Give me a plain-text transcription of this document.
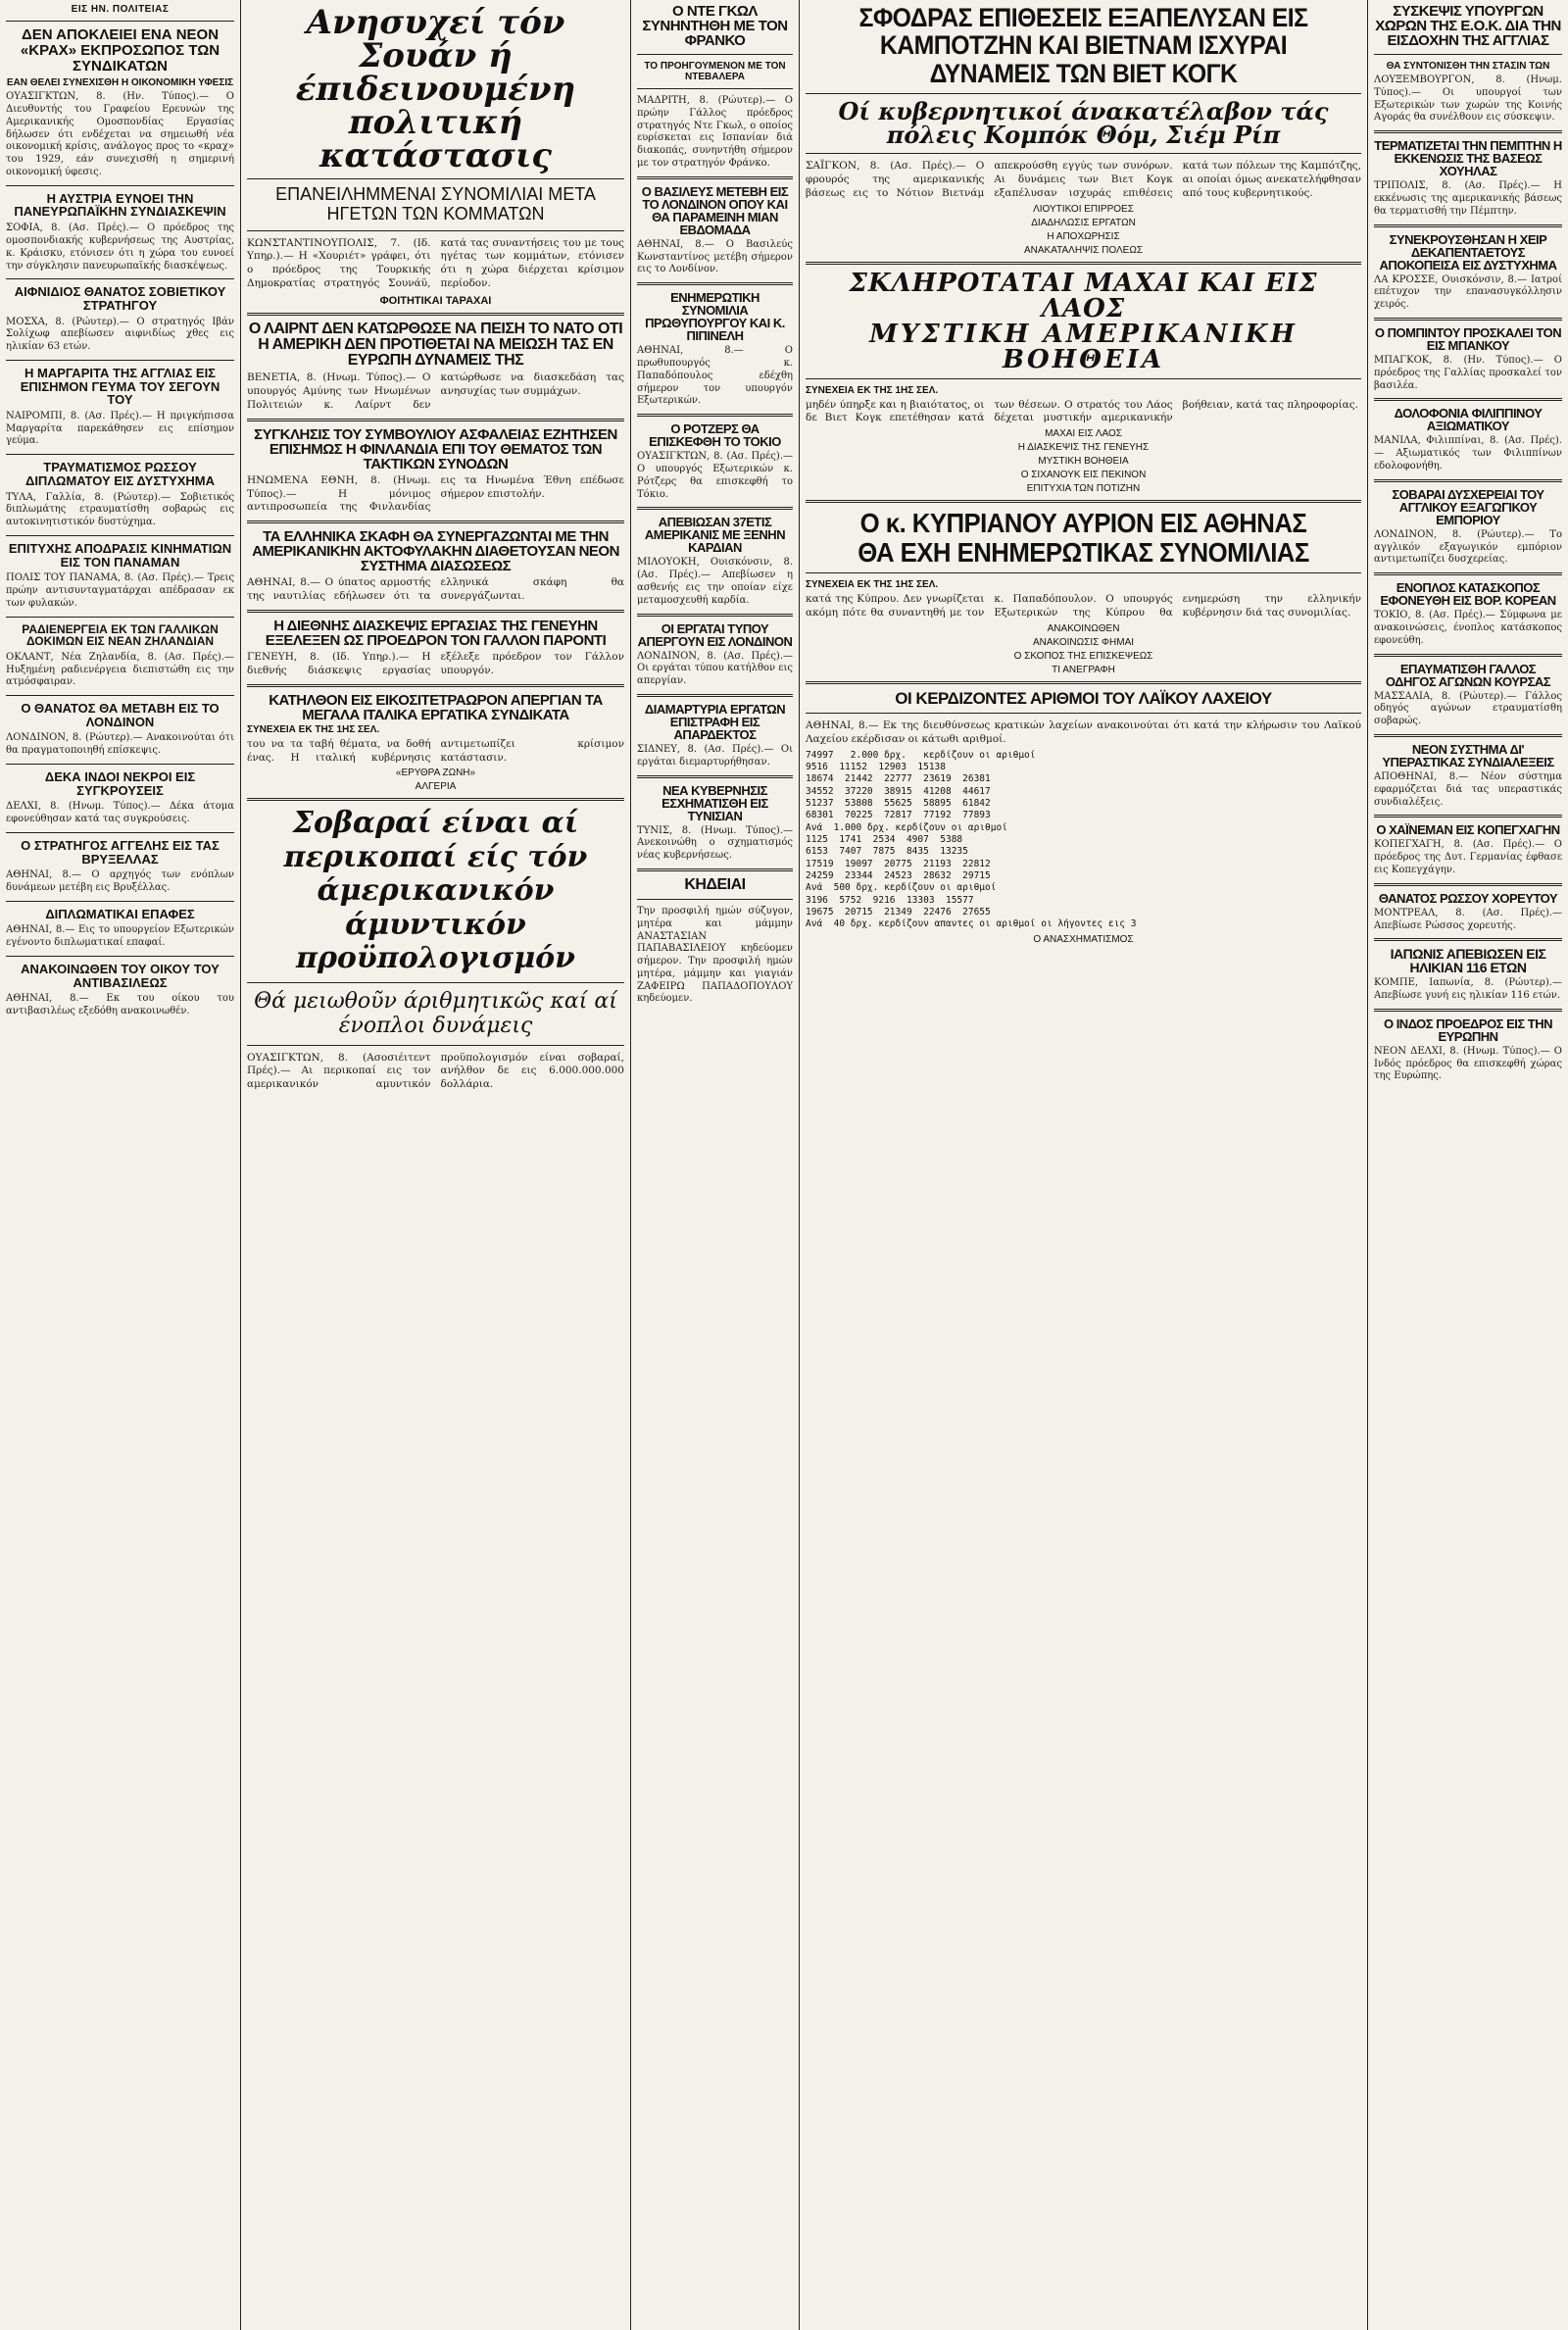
ΕΙΣ ΗΝ. ΠΟΛΙΤΕΙΑΣ
ΔΕΝ ΑΠΟΚΛΕΙΕΙ ΕΝΑ ΝΕΟΝ «ΚΡΑΧ» ΕΚΠΡΟΣΩΠΟΣ ΤΩΝ ΣΥΝΔΙΚΑΤΩΝ
ΕΑΝ ΘΕΛΕΙ ΣΥΝΕΧΙΣΘΗ Η ΟΙΚΟΝΟΜΙΚΗ ΥΦΕΣΙΣ
ΟΥΑΣΙΓΚΤΩΝ, 8. (Ην. Τύπος).— Ο Διευθυντής του Γραφείου Ερευνών της Αμερικανικής Ομοσπονδίας Εργασίας δήλωσεν ότι ενδέχεται να σημειωθή νέα οικονομική κρίσις, ανάλογος προς το «κραχ» του 1929, εάν συνεχισθή η σημερινή οικονομική ύφεσις.
Η ΑΥΣΤΡΙΑ ΕΥΝΟΕΙ ΤΗΝ ΠΑΝΕΥΡΩΠΑΪΚΗΝ ΣΥΝΔΙΑΣΚΕΨΙΝ
ΣΟΦΙΑ, 8. (Ασ. Πρές).— Ο πρόεδρος της ομοσπονδιακής κυβερνήσεως της Αυστρίας, κ. Κράισκυ, ετόνισεν ότι η χώρα του ευνοεί την σύγκλησιν πανευρωπαϊκής διασκέψεως.
ΑΙΦΝΙΔΙΟΣ ΘΑΝΑΤΟΣ ΣΟΒΙΕΤΙΚΟΥ ΣΤΡΑΤΗΓΟΥ
ΜΟΣΧΑ, 8. (Ρώυτερ).— Ο στρατηγός Ιβάν Σολίχωφ απεβίωσεν αιφνιδίως χθες εις ηλικίαν 63 ετών.
Η ΜΑΡΓΑΡΙΤΑ ΤΗΣ ΑΓΓΛΙΑΣ ΕΙΣ ΕΠΙΣΗΜΟΝ ΓΕΥΜΑ ΤΟΥ ΣΕΓΟΥΝ ΤΟΥ
ΝΑΙΡΟΜΠΙ, 8. (Ασ. Πρές).— Η πριγκήπισσα Μαργαρίτα παρεκάθησεν εις επίσημον γεύμα.
ΤΡΑΥΜΑΤΙΣΜΟΣ ΡΩΣΣΟΥ ΔΙΠΛΩΜΑΤΟΥ ΕΙΣ ΔΥΣΤΥΧΗΜΑ
ΤΥΛΑ, Γαλλία, 8. (Ρώυτερ).— Σοβιετικός διπλωμάτης ετραυματίσθη σοβαρώς εις αυτοκινητιστικόν δυστύχημα.
ΕΠΙΤΥΧΗΣ ΑΠΟΔΡΑΣΙΣ ΚΙΝΗΜΑΤΙΩΝ ΕΙΣ ΤΟΝ ΠΑΝΑΜΑΝ
ΠΟΛΙΣ ΤΟΥ ΠΑΝΑΜΑ, 8. (Ασ. Πρές).— Τρεις πρώην αντισυνταγματάρχαι απέδρασαν εκ των φυλακών.
ΡΑΔΙΕΝΕΡΓΕΙΑ ΕΚ ΤΩΝ ΓΑΛΛΙΚΩΝ ΔΟΚΙΜΩΝ ΕΙΣ ΝΕΑΝ ΖΗΛΑΝΔΙΑΝ
ΟΚΛΑΝΤ, Νέα Ζηλανδία, 8. (Ασ. Πρές).— Ηυξημένη ραδιενέργεια διεπιστώθη εις την ατμόσφαιραν.
Ο ΘΑΝΑΤΟΣ ΘΑ ΜΕΤΑΒΗ ΕΙΣ ΤΟ ΛΟΝΔΙΝΟΝ
ΛΟΝΔΙΝΟΝ, 8. (Ρώυτερ).— Ανακοινούται ότι θα πραγματοποιηθή επίσκεψις.
ΔΕΚΑ ΙΝΔΟΙ ΝΕΚΡΟΙ ΕΙΣ ΣΥΓΚΡΟΥΣΕΙΣ
ΔΕΛΧΙ, 8. (Ηνωμ. Τύπος).— Δέκα άτομα εφονεύθησαν κατά τας συγκρούσεις.
Ο ΣΤΡΑΤΗΓΟΣ ΑΓΓΕΛΗΣ ΕΙΣ ΤΑΣ ΒΡΥΞΕΛΛΑΣ
ΑΘΗΝΑΙ, 8.— Ο αρχηγός των ενόπλων δυνάμεων μετέβη εις Βρυξέλλας.
ΔΙΠΛΩΜΑΤΙΚΑΙ ΕΠΑΦΕΣ
ΑΘΗΝΑΙ, 8.— Εις το υπουργείον Εξωτερικών εγένοντο διπλωματικαί επαφαί.
ΑΝΑΚΟΙΝΩΘΕΝ ΤΟΥ ΟΙΚΟΥ ΤΟΥ ΑΝΤΙΒΑΣΙΛΕΩΣ
ΑΘΗΝΑΙ, 8.— Εκ του οίκου του αντιβασιλέως εξεδόθη ανακοινωθέν.
Ανησυχεί τόν Σουάν ή έπιδεινουμένη πολιτική κατάστασις
ΕΠΑΝΕΙΛΗΜΜΕΝΑΙ ΣΥΝΟΜΙΛΙΑΙ ΜΕΤΑ ΗΓΕΤΩΝ ΤΩΝ ΚΟΜΜΑΤΩΝ
ΚΩΝΣΤΑΝΤΙΝΟΥΠΟΛΙΣ, 7. (Ιδ. Υπηρ.).— Η «Χουριέτ» γράφει, ότι ο πρόεδρος της Τουρκικής Δημοκρατίας στρατηγός Σουνάϋ, κατά τας συναντήσεις του με τους ηγέτας των κομμάτων, ετόνισεν ότι η χώρα διέρχεται κρίσιμον περίοδον.
ΦΟΙΤΗΤΙΚΑΙ ΤΑΡΑΧΑΙ
Ο ΛΑΙΡΝΤ ΔΕΝ ΚΑΤΩΡΘΩΣΕ ΝΑ ΠΕΙΣΗ ΤΟ ΝΑΤΟ ΟΤΙ Η ΑΜΕΡΙΚΗ ΔΕΝ ΠΡΟΤΙΘΕΤΑΙ ΝΑ ΜΕΙΩΣΗ ΤΑΣ ΕΝ ΕΥΡΩΠΗ ΔΥΝΑΜΕΙΣ ΤΗΣ
ΒΕΝΕΤΙΑ, 8. (Ηνωμ. Τύπος).— Ο υπουργός Αμύνης των Ηνωμένων Πολιτειών κ. Λαίρντ δεν κατώρθωσε να διασκεδάση τας ανησυχίας των συμμάχων.
ΣΥΓΚΛΗΣΙΣ ΤΟΥ ΣΥΜΒΟΥΛΙΟΥ ΑΣΦΑΛΕΙΑΣ ΕΖΗΤΗΣΕΝ ΕΠΙΣΗΜΩΣ Η ΦΙΝΛΑΝΔΙΑ ΕΠΙ ΤΟΥ ΘΕΜΑΤΟΣ ΤΩΝ ΤΑΚΤΙΚΩΝ ΣΥΝΟΔΩΝ
ΗΝΩΜΕΝΑ ΕΘΝΗ, 8. (Ηνωμ. Τύπος).— Η μόνιμος αντιπροσωπεία της Φινλανδίας εις τα Ηνωμένα Έθνη επέδωσε σήμερον επιστολήν.
ΤΑ ΕΛΛΗΝΙΚΑ ΣΚΑΦΗ ΘΑ ΣΥΝΕΡΓΑΖΩΝΤΑΙ ΜΕ ΤΗΝ ΑΜΕΡΙΚΑΝΙΚΗΝ ΑΚΤΟΦΥΛΑΚΗΝ ΔΙΑΘΕΤΟΥΣΑΝ ΝΕΟΝ ΣΥΣΤΗΜΑ ΔΙΑΣΩΣΕΩΣ
ΑΘΗΝΑΙ, 8.— Ο ύπατος αρμοστής της ναυτιλίας εδήλωσεν ότι τα ελληνικά σκάφη θα συνεργάζωνται.
Η ΔΙΕΘΝΗΣ ΔΙΑΣΚΕΨΙΣ ΕΡΓΑΣΙΑΣ ΤΗΣ ΓΕΝΕΥΗΝ ΕΞΕΛΕΞΕΝ ΩΣ ΠΡΟΕΔΡΟΝ ΤΟΝ ΓΑΛΛΟΝ ΠΑΡΟΝΤΙ
ΓΕΝΕΥΗ, 8. (Ιδ. Υπηρ.).— Η διεθνής διάσκεψις εργασίας εξέλεξε πρόεδρον τον Γάλλον υπουργόν.
ΚΑΤΗΛΘΟΝ ΕΙΣ ΕΙΚΟΣΙΤΕΤΡΑΩΡΟΝ ΑΠΕΡΓΙΑΝ ΤΑ ΜΕΓΑΛΑ ΙΤΑΛΙΚΑ ΕΡΓΑΤΙΚΑ ΣΥΝΔΙΚΑΤΑ
ΣΥΝΕΧΕΙΑ ΕΚ ΤΗΣ 1ΗΣ ΣΕΛ.
του να τα ταβή θέματα, να δοθή ένας. Η ιταλική κυβέρνησις αντιμετωπίζει κρίσιμον κατάστασιν.
«ΕΡΥΘΡΑ ΖΩΝΗ»
ΑΛΓΕΡΙΑ
Σοβαραί είναι αί περικοπαί είς τόν άμερικανικόν άμυντικόν προϋπολογισμόν
Θά μειωθοῦν άριθμητικῶς καί αί ένοπλοι δυνάμεις
ΟΥΑΣΙΓΚΤΩΝ, 8. (Ασοσιέιτεντ Πρές).— Αι περικοπαί εις τον αμερικανικόν αμυντικόν προϋπολογισμόν είναι σοβαραί, ανήλθον δε εις 6.000.000.000 δολλάρια.
Ο ΝΤΕ ΓΚΩΛ ΣΥΝΗΝΤΗΘΗ ΜΕ ΤΟΝ ΦΡΑΝΚΟ
ΤΟ ΠΡΟΗΓΟΥΜΕΝΟΝ ΜΕ ΤΟΝ ΝΤΕΒΑΛΕΡΑ
ΜΑΔΡΙΤΗ, 8. (Ρώυτερ).— Ο πρώην Γάλλος πρόεδρος στρατηγός Ντε Γκωλ, ο οποίος ευρίσκεται εις Ισπανίαν διά διακοπάς, συνηντήθη σήμερον με τον στρατηγόν Φράνκο.
Ο ΒΑΣΙΛΕΥΣ ΜΕΤΕΒΗ ΕΙΣ ΤΟ ΛΟΝΔΙΝΟΝ ΟΠΟΥ ΚΑΙ ΘΑ ΠΑΡΑΜΕΙΝΗ ΜΙΑΝ ΕΒΔΟΜΑΔΑ
ΑΘΗΝΑΙ, 8.— Ο Βασιλεύς Κωνσταντίνος μετέβη σήμερον εις το Λονδίνον.
ΕΝΗΜΕΡΩΤΙΚΗ ΣΥΝΟΜΙΛΙΑ ΠΡΩΘΥΠΟΥΡΓΟΥ ΚΑΙ Κ. ΠΙΠΙΝΕΛΗ
ΑΘΗΝΑΙ, 8.— Ο πρωθυπουργός κ. Παπαδόπουλος εδέχθη σήμερον τον υπουργόν Εξωτερικών.
Ο ΡΟΤΖΕΡΣ ΘΑ ΕΠΙΣΚΕΦΘΗ ΤΟ ΤΟΚΙΟ
ΟΥΑΣΙΓΚΤΩΝ, 8. (Ασ. Πρές).— Ο υπουργός Εξωτερικών κ. Ρότζερς θα επισκεφθή το Τόκιο.
ΑΠΕΒΙΩΣΑΝ 37ΕΤΙΣ ΑΜΕΡΙΚΑΝΙΣ ΜΕ ΞΕΝΗΝ ΚΑΡΔΙΑΝ
ΜΙΛΟΥΟΚΗ, Ουισκόνσιν, 8. (Ασ. Πρές).— Απεβίωσεν η ασθενής εις την οποίαν είχε μεταμοσχευθή καρδία.
ΟΙ ΕΡΓΑΤΑΙ ΤΥΠΟΥ ΑΠΕΡΓΟΥΝ ΕΙΣ ΛΟΝΔΙΝΟΝ
ΛΟΝΔΙΝΟΝ, 8. (Ασ. Πρές).— Οι εργάται τύπου κατήλθον εις απεργίαν.
ΔΙΑΜΑΡΤΥΡΙΑ ΕΡΓΑΤΩΝ ΕΠΙΣΤΡΑΦΗ ΕΙΣ ΑΠΑΡΔΕΚΤΟΣ
ΣΙΔΝΕΥ, 8. (Ασ. Πρές).— Οι εργάται διεμαρτυρήθησαν.
ΝΕΑ ΚΥΒΕΡΝΗΣΙΣ ΕΣΧΗΜΑΤΙΣΘΗ ΕΙΣ ΤΥΝΙΣΙΑΝ
ΤΥΝΙΣ, 8. (Ηνωμ. Τύπος).— Ανεκοινώθη ο σχηματισμός νέας κυβερνήσεως.
ΚΗΔΕΙΑΙ
Την προσφιλή ημών σύζυγον, μητέρα και μάμμην ΑΝΑΣΤΑΣΙΑΝ ΠΑΠΑΒΑΣΙΛΕΙΟΥ κηδεύομεν σήμερον. Την προσφιλή ημών μητέρα, μάμμην και γιαγιάν ΖΑΦΕΙΡΩ ΠΑΠΑΔΟΠΟΥΛΟΥ κηδεύομεν.
ΣΦΟΔΡΑΣ ΕΠΙΘΕΣΕΙΣ ΕΞΑΠΕΛΥΣΑΝ ΕΙΣ ΚΑΜΠΟΤΖΗΝ ΚΑΙ ΒΙΕΤΝΑΜ ΙΣΧΥΡΑΙ ΔΥΝΑΜΕΙΣ ΤΩΝ ΒΙΕΤ ΚΟΓΚ
Οί κυβερνητικοί άνακατέλαβον τάς πόλεις Κομπόκ Θόμ, Σιέμ Ρίπ
ΣΑΪΓΚΟΝ, 8. (Ασ. Πρές).— Ο φρουρός της αμερικανικής βάσεως εις το Νότιον Βιετνάμ απεκρούσθη εγγύς των συνόρων. Αι δυνάμεις των Βιετ Κογκ εξαπέλυσαν ισχυράς επιθέσεις κατά των πόλεων της Καμπότζης, αι οποίαι όμως ανεκατελήφθησαν από τους κυβερνητικούς.
ΛΙΟΥΤΙΚΟΙ ΕΠΙΡΡΟΕΣ
ΔΙΑΔΗΛΩΣΙΣ ΕΡΓΑΤΩΝ
Η ΑΠΟΧΩΡΗΣΙΣ
ΑΝΑΚΑΤΑΛΗΨΙΣ ΠΟΛΕΩΣ
ΣΚΛΗΡΟΤΑΤΑΙ ΜΑΧΑΙ ΚΑΙ ΕΙΣ ΛΑΟΣ
ΜΥΣΤΙΚΗ ΑΜΕΡΙΚΑΝΙΚΗ ΒΟΗΘΕΙΑ
ΣΥΝΕΧΕΙΑ ΕΚ ΤΗΣ 1ΗΣ ΣΕΛ.
μηδέν ύπηρξε και η βιαιότατος, οι δε Βιετ Κογκ επετέθησαν κατά των θέσεων. Ο στρατός του Λάος δέχεται μυστικήν αμερικανικήν βοήθειαν, κατά τας πληροφορίας.
ΜΑΧΑΙ ΕΙΣ ΛΑΟΣ
Η ΔΙΑΣΚΕΨΙΣ ΤΗΣ ΓΕΝΕΥΗΣ
ΜΥΣΤΙΚΗ ΒΟΗΘΕΙΑ
Ο ΣΙΧΑΝΟΥΚ ΕΙΣ ΠΕΚΙΝΟΝ
ΕΠΙΤΥΧΙΑ ΤΩΝ ΠΟΤΙΖΗΝ
Ο κ. ΚΥΠΡΙΑΝΟΥ ΑΥΡΙΟΝ ΕΙΣ ΑΘΗΝΑΣ
ΘΑ ΕΧΗ ΕΝΗΜΕΡΩΤΙΚΑΣ ΣΥΝΟΜΙΛΙΑΣ
ΣΥΝΕΧΕΙΑ ΕΚ ΤΗΣ 1ΗΣ ΣΕΛ.
κατά της Κύπρου. Δεν γνωρίζεται ακόμη πότε θα συναντηθή με τον κ. Παπαδόπουλον. Ο υπουργός Εξωτερικών της Κύπρου θα ενημερώση την ελληνικήν κυβέρνησιν διά τας συνομιλίας.
ΑΝΑΚΟΙΝΩΘΕΝ
ΑΝΑΚΟΙΝΩΣΙΣ ΦΗΜΑΙ
Ο ΣΚΟΠΟΣ ΤΗΣ ΕΠΙΣΚΕΨΕΩΣ
ΤΙ ΑΝΕΓΡΑΦΗ
ΟΙ ΚΕΡΔΙΖΟΝΤΕΣ ΑΡΙΘΜΟΙ ΤΟΥ ΛΑΪΚΟΥ ΛΑΧΕΙΟΥ
ΑΘΗΝΑΙ, 8.— Εκ της διευθύνσεως κρατικών λαχείων ανακοινούται ότι κατά την κλήρωσιν του Λαϊκού Λαχείου εκέρδισαν οι κάτωθι αριθμοί.
74997   2.000 δρχ.   κερδίζουν οι αριθμοί
9516  11152  12903  15138
18674  21442  22777  23619  26381
34552  37220  38915  41208  44617
51237  53808  55625  58895  61842
68301  70225  72817  77192  77893
Ανά  1.000 δρχ. κερδίζουν οι αριθμοί
1125  1741  2534  4907  5388
6153  7407  7875  8435  13235
17519  19097  20775  21193  22812
24259  23344  24523  28632  29715
Ανά  500 δρχ. κερδίζουν οι αριθμοί
3196  5752  9216  13303  15577
19675  20715  21349  22476  27655
Ανά  40 δρχ. κερδίζουν απαντες οι αριθμοί οι λήγοντες εις 3
Ο ΑΝΑΣΧΗΜΑΤΙΣΜΟΣ
ΣΥΣΚΕΨΙΣ ΥΠΟΥΡΓΩΝ ΧΩΡΩΝ ΤΗΣ Ε.Ο.Κ. ΔΙΑ ΤΗΝ ΕΙΣΔΟΧΗΝ ΤΗΣ ΑΓΓΛΙΑΣ
ΘΑ ΣΥΝΤΟΝΙΣΘΗ ΤΗΝ ΣΤΑΣΙΝ ΤΩΝ
ΛΟΥΞΕΜΒΟΥΡΓΟΝ, 8. (Ηνωμ. Τύπος).— Οι υπουργοί των Εξωτερικών των χωρών της Κοινής Αγοράς θα συνέλθουν εις σύσκεψιν.
ΤΕΡΜΑΤΙΖΕΤΑΙ ΤΗΝ ΠΕΜΠΤΗΝ Η ΕΚΚΕΝΩΣΙΣ ΤΗΣ ΒΑΣΕΩΣ ΧΟΥΗΛΑΣ
ΤΡΙΠΟΛΙΣ, 8. (Ασ. Πρές).— Η εκκένωσις της αμερικανικής βάσεως θα τερματισθή την Πέμπτην.
ΣΥΝΕΚΡΟΥΣΘΗΣΑΝ Η ΧΕΙΡ ΔΕΚΑΠΕΝΤΑΕΤΟΥΣ ΑΠΟΚΟΠΕΙΣΑ ΕΙΣ ΔΥΣΤΥΧΗΜΑ
ΛΑ ΚΡΟΣΣΕ, Ουισκόνσιν, 8.— Ιατροί επέτυχον την επανασυγκόλλησιν χειρός.
Ο ΠΟΜΠΙΝΤΟΥ ΠΡΟΣΚΑΛΕΙ ΤΟΝ ΕΙΣ ΜΠΑΝΚΟΥ
ΜΠΑΓΚΟΚ, 8. (Ην. Τύπος).— Ο πρόεδρος της Γαλλίας προσκαλεί τον βασιλέα.
ΔΟΛΟΦΟΝΙΑ ΦΙΛΙΠΠΙΝΟΥ ΑΞΙΩΜΑΤΙΚΟΥ
ΜΑΝΙΛΑ, Φιλιππίναι, 8. (Ασ. Πρές).— Αξιωματικός των Φιλιππίνων εδολοφονήθη.
ΣΟΒΑΡΑΙ ΔΥΣΧΕΡΕΙΑΙ ΤΟΥ ΑΓΓΛΙΚΟΥ ΕΞΑΓΩΓΙΚΟΥ ΕΜΠΟΡΙΟΥ
ΛΟΝΔΙΝΟΝ, 8. (Ρώυτερ).— Το αγγλικόν εξαγωγικόν εμπόριον αντιμετωπίζει δυσχερείας.
ΕΝΟΠΛΟΣ ΚΑΤΑΣΚΟΠΟΣ ΕΦΟΝΕΥΘΗ ΕΙΣ ΒΟΡ. ΚΟΡΕΑΝ
ΤΟΚΙΟ, 8. (Ασ. Πρές).— Σύμφωνα με ανακοινώσεις, ένοπλος κατάσκοπος εφονεύθη.
ΕΠΑΥΜΑΤΙΣΘΗ ΓΑΛΛΟΣ ΟΔΗΓΟΣ ΑΓΩΝΩΝ ΚΟΥΡΣΑΣ
ΜΑΣΣΑΛΙΑ, 8. (Ρώυτερ).— Γάλλος οδηγός αγώνων ετραυματίσθη σοβαρώς.
ΝΕΟΝ ΣΥΣΤΗΜΑ ΔΙ' ΥΠΕΡΑΣΤΙΚΑΣ ΣΥΝΔΙΑΛΕΞΕΙΣ
ΑΠΟΘΗΝΑΙ, 8.— Νέον σύστημα εφαρμόζεται διά τας υπεραστικάς συνδιαλέξεις.
Ο ΧΑΪΝΕΜΑΝ ΕΙΣ ΚΟΠΕΓΧΑΓΗΝ
ΚΟΠΕΓΧΑΓΗ, 8. (Ασ. Πρές).— Ο πρόεδρος της Δυτ. Γερμανίας έφθασε εις Κοπεγχάγην.
ΘΑΝΑΤΟΣ ΡΩΣΣΟΥ ΧΟΡΕΥΤΟΥ
ΜΟΝΤΡΕΑΛ, 8. (Ασ. Πρές).— Απεβίωσε Ρώσσος χορευτής.
ΙΑΠΩΝΙΣ ΑΠΕΒΙΩΣΕΝ ΕΙΣ ΗΛΙΚΙΑΝ 116 ΕΤΩΝ
ΚΟΜΠΕ, Ιαπωνία, 8. (Ρώυτερ).— Απεβίωσε γυνή εις ηλικίαν 116 ετών.
Ο ΙΝΔΟΣ ΠΡΟΕΔΡΟΣ ΕΙΣ ΤΗΝ ΕΥΡΩΠΗΝ
ΝΕΟΝ ΔΕΛΧΙ, 8. (Ηνωμ. Τύπος).— Ο Ινδός πρόεδρος θα επισκεφθή χώρας της Ευρώπης.
